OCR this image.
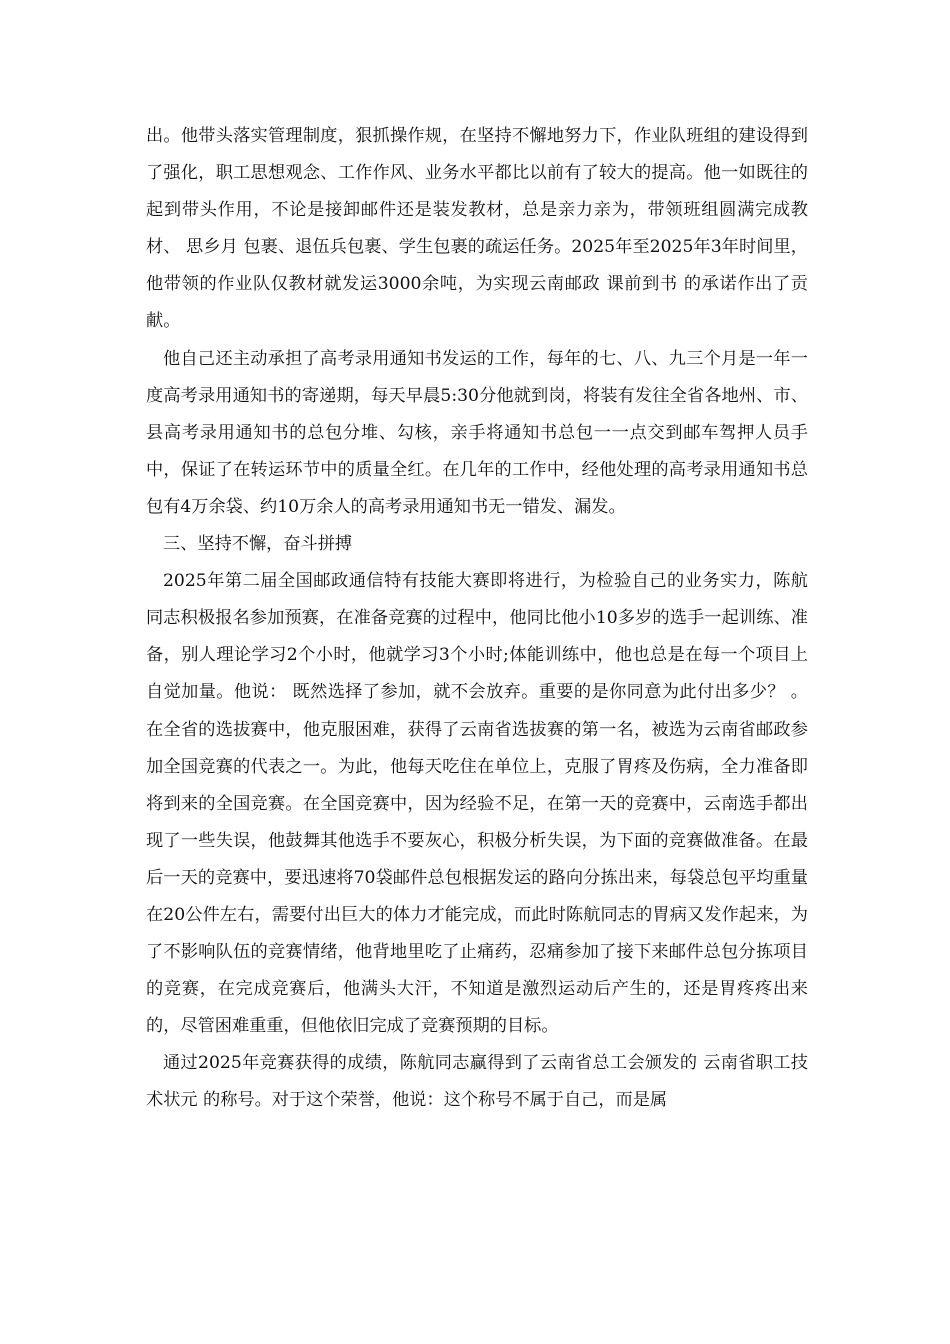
出。他带头落实管理制度，狠抓操作规，在坚持不懈地努力下，作业队班组的建设得到了强化，职工思想观念、工作作风、业务水平都比以前有了较大的提高。他一如既往的起到带头作用，不论是接卸邮件还是装发教材，总是亲力亲为，带领班组圆满完成教材、 思乡月 包裹、退伍兵包裹、学生包裹的疏运任务。2025年至2025年3年时间里，他带领的作业队仅教材就发运3000余吨，为实现云南邮政 课前到书 的承诺作出了贡献。

他自己还主动承担了高考录用通知书发运的工作，每年的七、八、九三个月是一年一度高考录用通知书的寄递期，每天早晨5:30分他就到岗，将装有发往全省各地州、市、县高考录用通知书的总包分堆、勾核，亲手将通知书总包一一点交到邮车驾押人员手中，保证了在转运环节中的质量全红。在几年的工作中，经他处理的高考录用通知书总包有4万余袋、约10万余人的高考录用通知书无一错发、漏发。

三、坚持不懈，奋斗拼搏

2025年第二届全国邮政通信特有技能大赛即将进行，为检验自己的业务实力，陈航同志积极报名参加预赛，在准备竞赛的过程中，他同比他小10多岁的选手一起训练、准备，别人理论学习2个小时，他就学习3个小时;体能训练中，他也总是在每一个项目上自觉加量。他说： 既然选择了参加，就不会放弃。重要的是你同意为此付出多少？ 。在全省的选拔赛中，他克服困难，获得了云南省选拔赛的第一名，被选为云南省邮政参加全国竞赛的代表之一。为此，他每天吃住在单位上，克服了胃疼及伤病，全力准备即将到来的全国竞赛。在全国竞赛中，因为经验不足，在第一天的竞赛中，云南选手都出现了一些失误，他鼓舞其他选手不要灰心，积极分析失误，为下面的竞赛做准备。在最后一天的竞赛中，要迅速将70袋邮件总包根据发运的路向分拣出来，每袋总包平均重量在20公件左右，需要付出巨大的体力才能完成，而此时陈航同志的胃病又发作起来，为了不影响队伍的竞赛情绪，他背地里吃了止痛药，忍痛参加了接下来邮件总包分拣项目的竞赛，在完成竞赛后，他满头大汗，不知道是激烈运动后产生的，还是胃疼疼出来的，尽管困难重重，但他依旧完成了竞赛预期的目标。

通过2025年竞赛获得的成绩，陈航同志赢得到了云南省总工会颁发的 云南省职工技术状元 的称号。对于这个荣誉，他说：这个称号不属于自己，而是属
